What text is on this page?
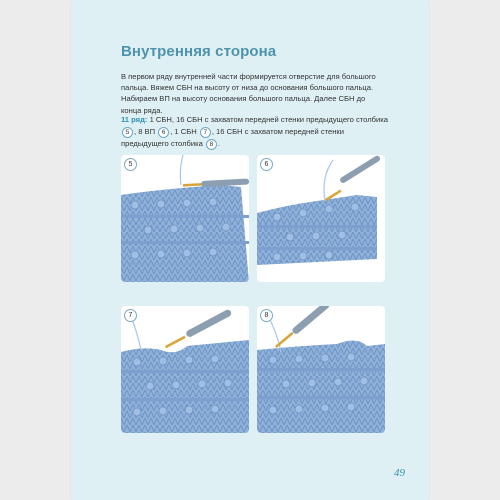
Внутренняя сторона

В первом ряду внутренней части формируется отверстие для большого пальца. Вяжем СБН на высоту от низа до основания большого пальца. Набираем ВП на высоту основания большого пальца. Далее СБН до конца ряда.

11 ряд: 1 СБН, 16 СБН с захватом передней стенки предыдущего столбика 5 , 8 ВП 6 , 1 СБН 7 , 16 СБН с захватом передней стенки предыдущего столбика 8 .

5	6
7	8
49
